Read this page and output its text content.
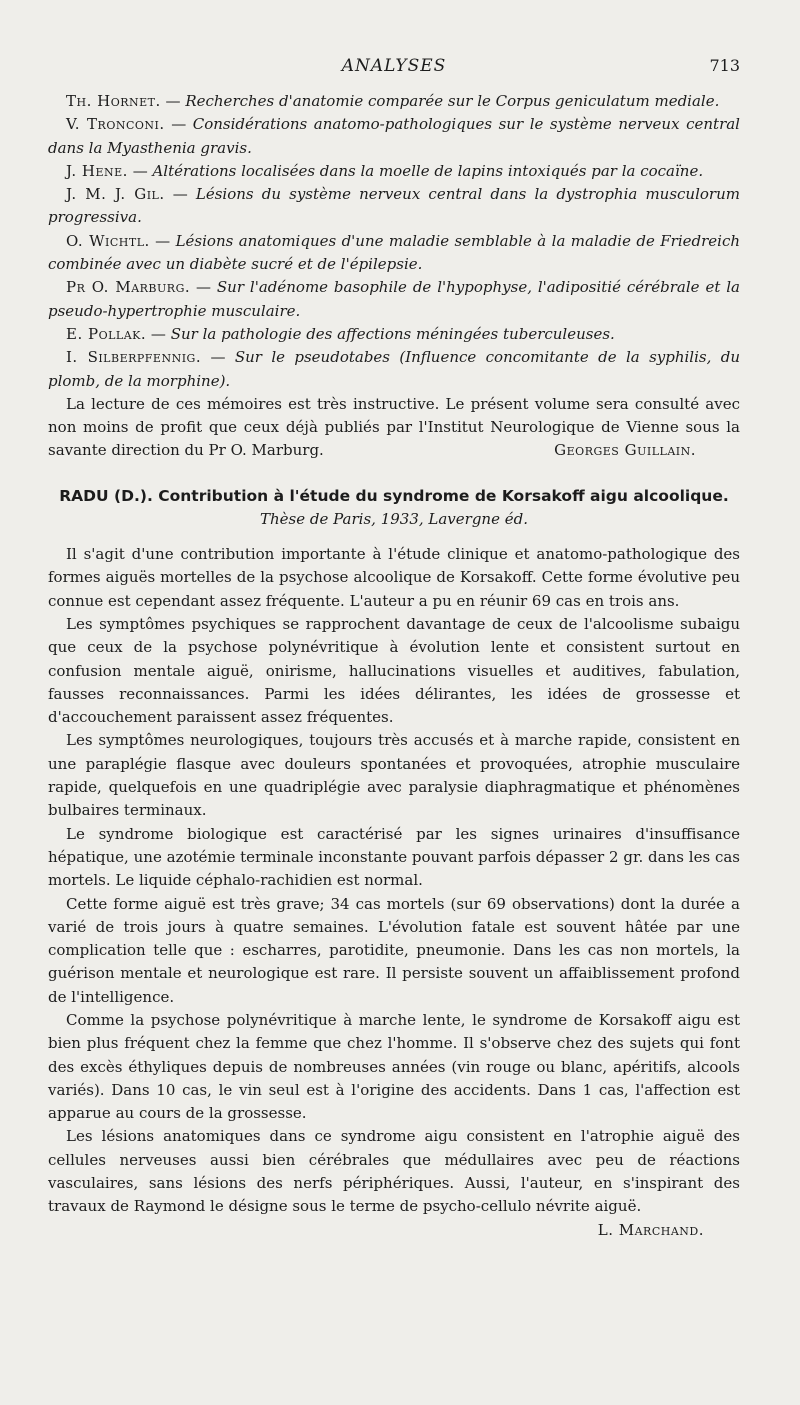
ANALYSES	713

Th. Hornet. — Recherches d'anatomie comparée sur le Corpus geniculatum mediale.

V. Tronconi. — Considérations anatomo-pathologiques sur le système nerveux central dans la Myasthenia gravis.

J. Hene. — Altérations localisées dans la moelle de lapins intoxiqués par la cocaïne.

J. M. J. Gil. — Lésions du système nerveux central dans la dystrophia musculorum progressiva.

O. Wichtl. — Lésions anatomiques d'une maladie semblable à la maladie de Friedreich combinée avec un diabète sucré et de l'épilepsie.

Pr O. Marburg. — Sur l'adénome basophile de l'hypophyse, l'adipositié cérébrale et la pseudo-hypertrophie musculaire.

E. Pollak. — Sur la pathologie des affections méningées tuberculeuses.

I. Silberpfennig. — Sur le pseudotabes (Influence concomitante de la syphilis, du plomb, de la morphine).

La lecture de ces mémoires est très instructive. Le présent volume sera consulté avec non moins de profit que ceux déjà publiés par l'Institut Neurologique de Vienne sous la savante direction du Pr O. Marburg.	Georges Guillain.

RADU (D.). Contribution à l'étude du syndrome de Korsakoff aigu alcoolique.

Thèse de Paris, 1933, Lavergne éd.

Il s'agit d'une contribution importante à l'étude clinique et anatomo-pathologique des formes aiguës mortelles de la psychose alcoolique de Korsakoff. Cette forme évolutive peu connue est cependant assez fréquente. L'auteur a pu en réunir 69 cas en trois ans.

Les symptômes psychiques se rapprochent davantage de ceux de l'alcoolisme subaigu que ceux de la psychose polynévritique à évolution lente et consistent surtout en confusion mentale aiguë, onirisme, hallucinations visuelles et auditives, fabulation, fausses reconnaissances. Parmi les idées délirantes, les idées de grossesse et d'accouchement paraissent assez fréquentes.

Les symptômes neurologiques, toujours très accusés et à marche rapide, consistent en une paraplégie flasque avec douleurs spontanées et provoquées, atrophie musculaire rapide, quelquefois en une quadriplégie avec paralysie diaphragmatique et phénomènes bulbaires terminaux.

Le syndrome biologique est caractérisé par les signes urinaires d'insuffisance hépatique, une azotémie terminale inconstante pouvant parfois dépasser 2 gr. dans les cas mortels. Le liquide céphalo-rachidien est normal.

Cette forme aiguë est très grave; 34 cas mortels (sur 69 observations) dont la durée a varié de trois jours à quatre semaines. L'évolution fatale est souvent hâtée par une complication telle que : escharres, parotidite, pneumonie. Dans les cas non mortels, la guérison mentale et neurologique est rare. Il persiste souvent un affaiblissement profond de l'intelligence.

Comme la psychose polynévritique à marche lente, le syndrome de Korsakoff aigu est bien plus fréquent chez la femme que chez l'homme. Il s'observe chez des sujets qui font des excès éthyliques depuis de nombreuses années (vin rouge ou blanc, apéritifs, alcools variés). Dans 10 cas, le vin seul est à l'origine des accidents. Dans 1 cas, l'affection est apparue au cours de la grossesse.

Les lésions anatomiques dans ce syndrome aigu consistent en l'atrophie aiguë des cellules nerveuses aussi bien cérébrales que médullaires avec peu de réactions vasculaires, sans lésions des nerfs périphériques. Aussi, l'auteur, en s'inspirant des travaux de Raymond le désigne sous le terme de psycho-cellulo névrite aiguë.

L. Marchand.
